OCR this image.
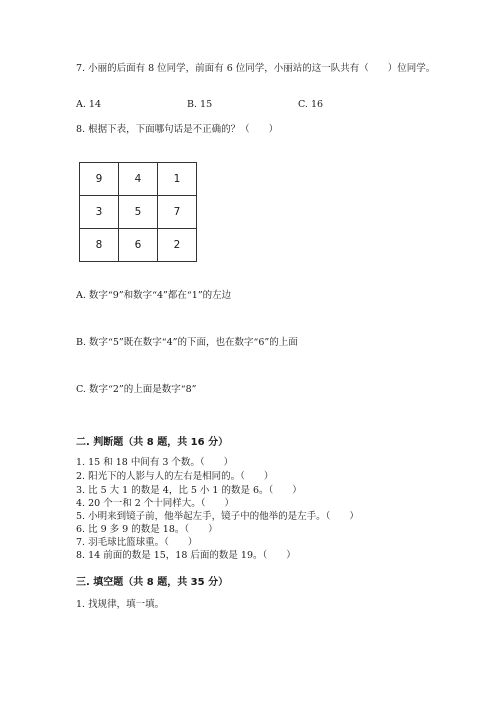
7. 小丽的后面有 8 位同学，前面有 6 位同学，小丽站的这一队共有（　　）位同学。
A. 14	B. 15	C. 16
8. 根据下表，下面哪句话是不正确的？（　　）
9	4	1
3	5	7
8	6	2
A. 数字“9”和数字“4”都在“1”的左边
B. 数字“5”既在数字“4”的下面，也在数字“6”的上面
C. 数字“2”的上面是数字“8”
二. 判断题（共 8 题，共 16 分）
1. 15 和 18 中间有 3 个数。（　　）
2. 阳光下的人影与人的左右是相同的。（　　）
3. 比 5 大 1 的数是 4，比 5 小 1 的数是 6。（　　）
4. 20 个一和 2 个十同样大。（　　）
5. 小明来到镜子前，他举起左手，镜子中的他举的是左手。（　　）
6. 比 9 多 9 的数是 18。（　　）
7. 羽毛球比篮球重。（　　）
8. 14 前面的数是 15，18 后面的数是 19。（　　）
三. 填空题（共 8 题，共 35 分）
1. 找规律，填一填。
